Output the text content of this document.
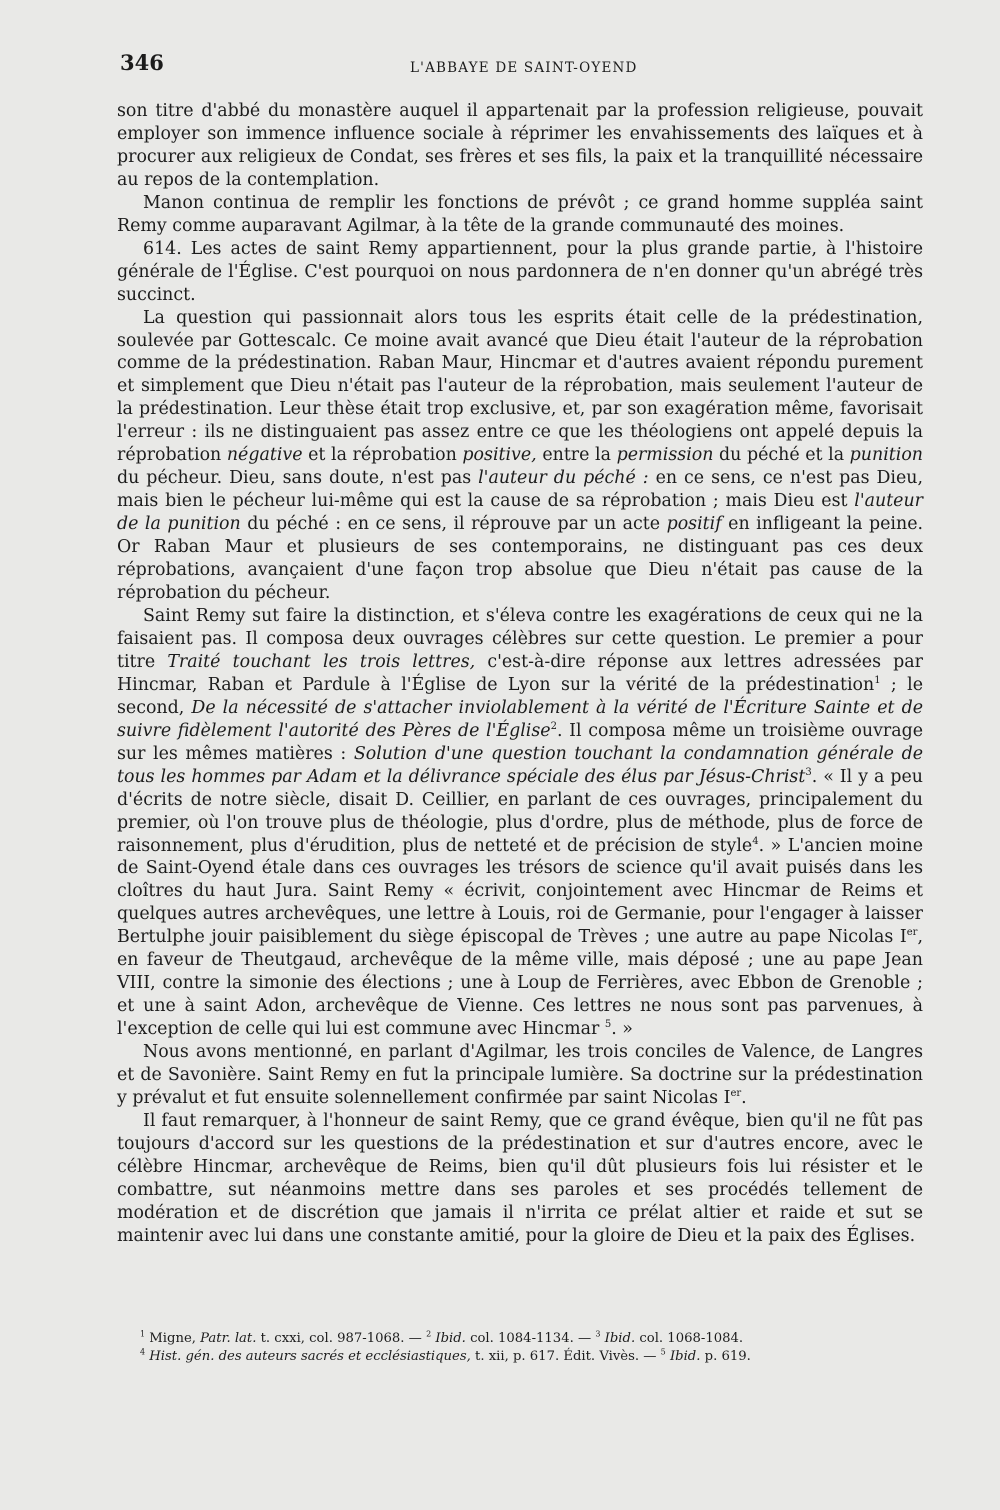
346	L'ABBAYE DE SAINT-OYEND

son titre d'abbé du monastère auquel il appartenait par la profession religieuse, pouvait employer son immence influence sociale à réprimer les envahissements des laïques et à procurer aux religieux de Condat, ses frères et ses fils, la paix et la tranquillité nécessaire au repos de la contemplation.

Manon continua de remplir les fonctions de prévôt ; ce grand homme suppléa saint Remy comme auparavant Agilmar, à la tête de la grande communauté des moines.

614. Les actes de saint Remy appartiennent, pour la plus grande partie, à l'histoire générale de l'Église. C'est pourquoi on nous pardonnera de n'en donner qu'un abrégé très succinct.

La question qui passionnait alors tous les esprits était celle de la prédestination, soulevée par Gottescalc. Ce moine avait avancé que Dieu était l'auteur de la réprobation comme de la prédestination. Raban Maur, Hincmar et d'autres avaient répondu purement et simplement que Dieu n'était pas l'auteur de la réprobation, mais seulement l'auteur de la prédestination. Leur thèse était trop exclusive, et, par son exagération même, favorisait l'erreur : ils ne distinguaient pas assez entre ce que les théologiens ont appelé depuis la réprobation négative et la réprobation positive, entre la permission du péché et la punition du pécheur. Dieu, sans doute, n'est pas l'auteur du péché : en ce sens, ce n'est pas Dieu, mais bien le pécheur lui-même qui est la cause de sa réprobation ; mais Dieu est l'auteur de la punition du péché : en ce sens, il réprouve par un acte positif en infligeant la peine. Or Raban Maur et plusieurs de ses contemporains, ne distinguant pas ces deux réprobations, avançaient d'une façon trop absolue que Dieu n'était pas cause de la réprobation du pécheur.

Saint Remy sut faire la distinction, et s'éleva contre les exagérations de ceux qui ne la faisaient pas. Il composa deux ouvrages célèbres sur cette question. Le premier a pour titre Traité touchant les trois lettres, c'est-à-dire réponse aux lettres adressées par Hincmar, Raban et Pardule à l'Église de Lyon sur la vérité de la prédestination$^1$ ; le second, De la nécessité de s'attacher inviolablement à la vérité de l'Écriture Sainte et de suivre fidèlement l'autorité des Pères de l'Église$^2$. Il composa même un troisième ouvrage sur les mêmes matières : Solution d'une question touchant la condamnation générale de tous les hommes par Adam et la délivrance spéciale des élus par Jésus-Christ$^3$. « Il y a peu d'écrits de notre siècle, disait D. Ceillier, en parlant de ces ouvrages, principalement du premier, où l'on trouve plus de théologie, plus d'ordre, plus de méthode, plus de force de raisonnement, plus d'érudition, plus de netteté et de précision de style$^4$. » L'ancien moine de Saint-Oyend étale dans ces ouvrages les trésors de science qu'il avait puisés dans les cloîtres du haut Jura. Saint Remy « écrivit, conjointement avec Hincmar de Reims et quelques autres archevêques, une lettre à Louis, roi de Germanie, pour l'engager à laisser Bertulphe jouir paisiblement du siège épiscopal de Trèves ; une autre au pape Nicolas Ier, en faveur de Theutgaud, archevêque de la même ville, mais déposé ; une au pape Jean VIII, contre la simonie des élections ; une à Loup de Ferrières, avec Ebbon de Grenoble ; et une à saint Adon, archevêque de Vienne. Ces lettres ne nous sont pas parvenues, à l'exception de celle qui lui est commune avec Hincmar $^5$. »

Nous avons mentionné, en parlant d'Agilmar, les trois conciles de Valence, de Langres et de Savonière. Saint Remy en fut la principale lumière. Sa doctrine sur la prédestination y prévalut et fut ensuite solennellement confirmée par saint Nicolas Ier.

Il faut remarquer, à l'honneur de saint Remy, que ce grand évêque, bien qu'il ne fût pas toujours d'accord sur les questions de la prédestination et sur d'autres encore, avec le célèbre Hincmar, archevêque de Reims, bien qu'il dût plusieurs fois lui résister et le combattre, sut néanmoins mettre dans ses paroles et ses procédés tellement de modération et de discrétion que jamais il n'irrita ce prélat altier et raide et sut se maintenir avec lui dans une constante amitié, pour la gloire de Dieu et la paix des Églises.

$^1$ Migne, Patr. lat. t. cxxi, col. 987-1068. — $^2$ Ibid. col. 1084-1134. — $^3$ Ibid. col. 1068-1084.
$^4$ Hist. gén. des auteurs sacrés et ecclésiastiques, t. xii, p. 617. Édit. Vivès. — $^5$ Ibid. p. 619.
